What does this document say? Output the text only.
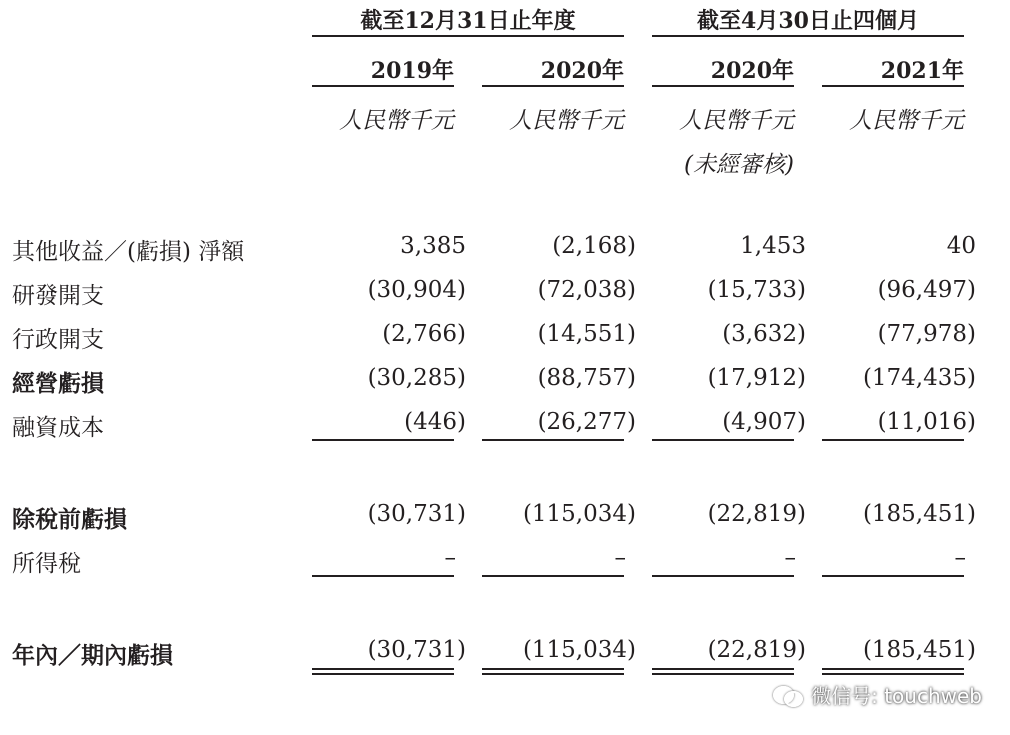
截至12月31日止年度	截至4月30日止四個月
2019年	2020年	2020年	2021年
人民幣千元	人民幣千元	人民幣千元	人民幣千元
(未經審核)
其他收益／(虧損) 淨額	3,385	(2,168)	1,453	40
研發開支	(30,904)	(72,038)	(15,733)	(96,497)
行政開支	(2,766)	(14,551)	(3,632)	(77,978)
經營虧損	(30,285)	(88,757)	(17,912)	(174,435)
融資成本	(446)	(26,277)	(4,907)	(11,016)
除稅前虧損	(30,731)	(115,034)	(22,819)	(185,451)
所得稅	–	–	–	–
年內／期內虧損	(30,731)	(115,034)	(22,819)	(185,451)
微信号: touchweb
